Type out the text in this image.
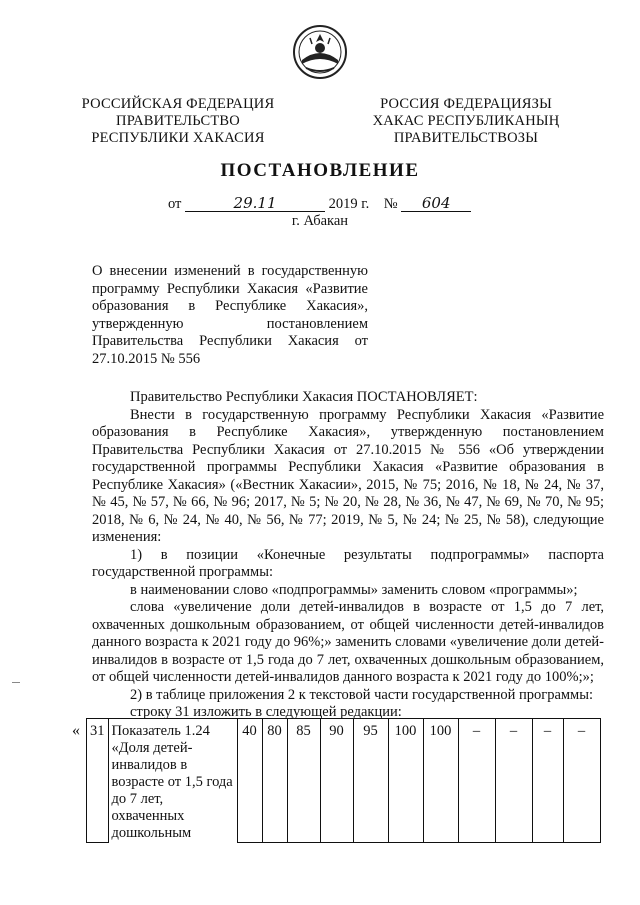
РОССИЙСКАЯ ФЕДЕРАЦИЯ
ПРАВИТЕЛЬСТВО
РЕСПУБЛИКИ ХАКАСИЯ
РОССИЯ ФЕДЕРАЦИЯЗЫ
ХАКАС РЕСПУБЛИКАНЫҢ
ПРАВИТЕЛЬСТВОЗЫ
ПОСТАНОВЛЕНИЕ
от	29.11	2019 г. № 604
г. Абакан
О внесении изменений в государственную программу Республики Хакасия «Развитие образования в Республике Хакасия», утвержденную постановлением Правительства Республики Хакасия от 27.10.2015 № 556

Правительство Республики Хакасия ПОСТАНОВЛЯЕТ:

Внести в государственную программу Республики Хакасия «Развитие образования в Республике Хакасия», утвержденную постановлением Правительства Республики Хакасия от 27.10.2015 № 556 «Об утверждении государственной программы Республики Хакасия «Развитие образования в Республике Хакасия» («Вестник Хакасии», 2015, № 75; 2016, № 18, № 24, № 37, № 45, № 57, № 66, № 96; 2017, № 5; № 20, № 28, № 36, № 47, № 69, № 70, № 95; 2018, № 6, № 24, № 40, № 56, № 77; 2019, № 5, № 24; № 25, № 58), следующие изменения:

1) в позиции «Конечные результаты подпрограммы» паспорта государственной программы:

в наименовании слово «подпрограммы» заменить словом «программы»;

слова «увеличение доли детей-инвалидов в возрасте от 1,5 до 7 лет, охваченных дошкольным образованием, от общей численности детей-инвалидов данного возраста к 2021 году до 96%;» заменить словами «увеличение доли детей-инвалидов в возрасте от 1,5 года до 7 лет, охваченных дошкольным образованием, от общей численности детей-инвалидов данного возраста к 2021 году до 100%;»;

2) в таблице приложения 2 к текстовой части государственной программы:

строку 31 изложить в следующей редакции:

« 31	Показатель 1.24 «Доля детей-инвалидов в возрасте от 1,5 года до 7 лет, охваченных дошкольным	40	80	85	90	95	100	100	–	–	–	–
